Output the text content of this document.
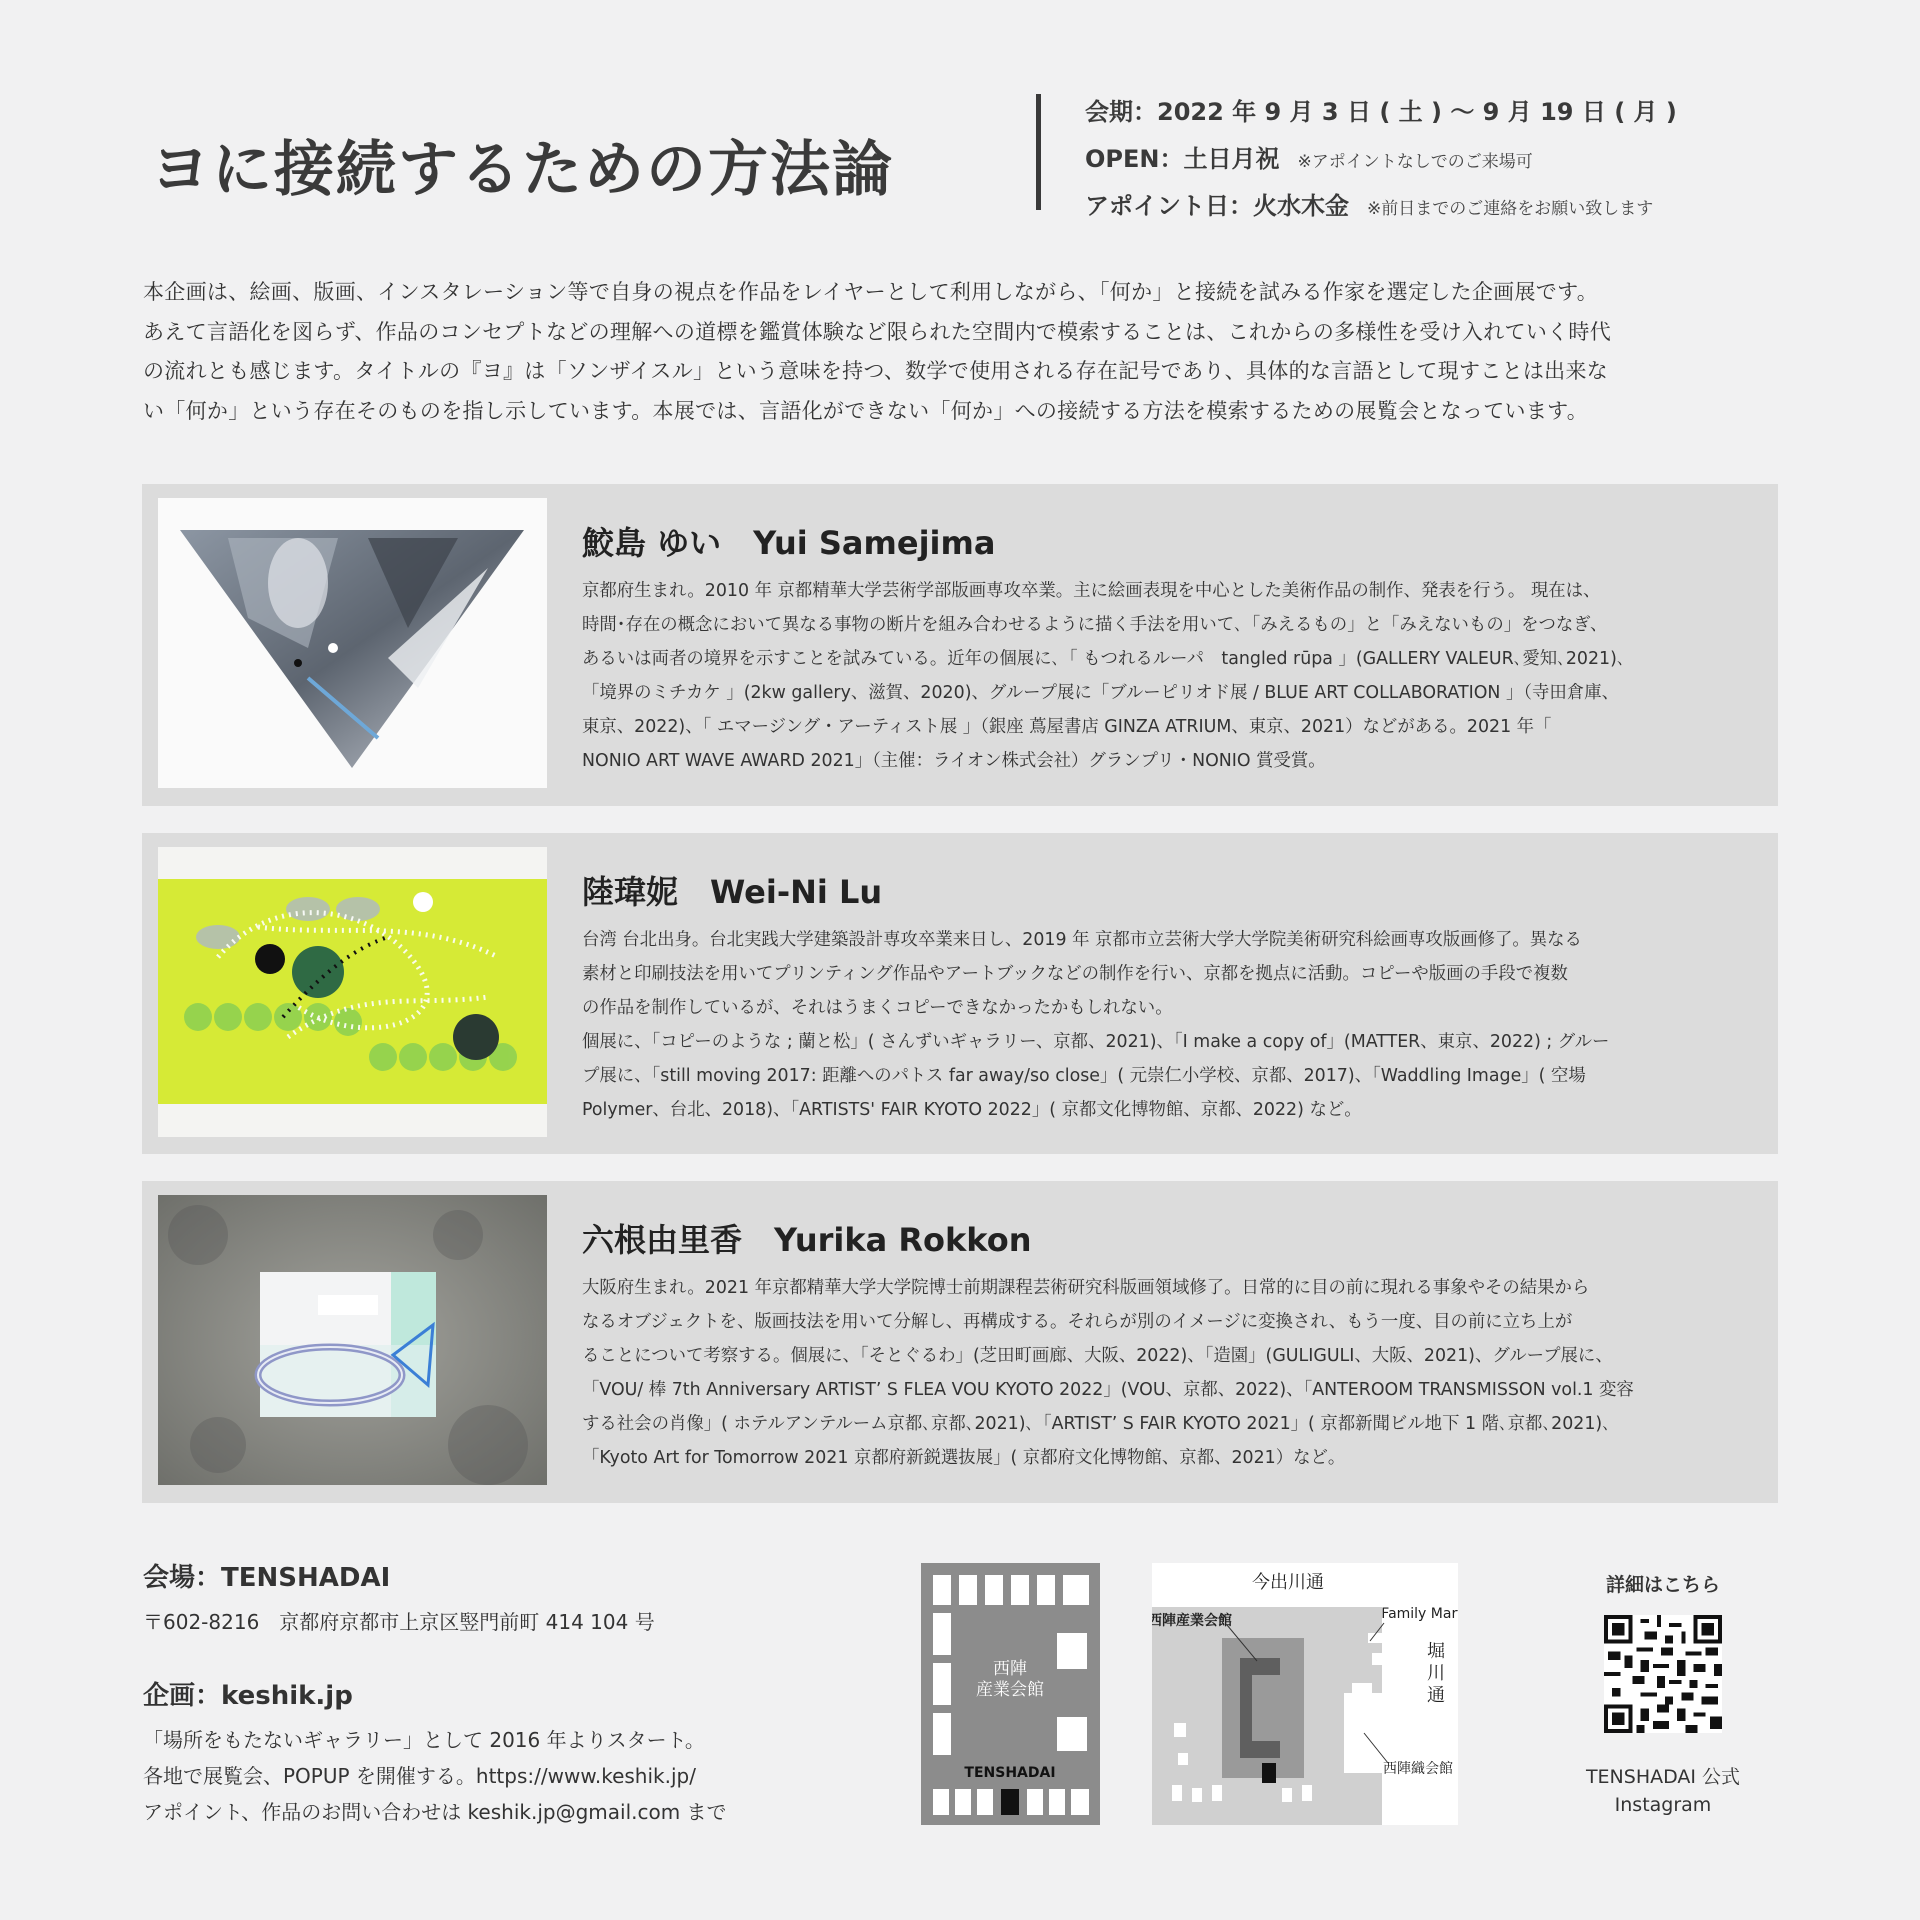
ヨに接続するための方法論
会期：2022 年 9 月 3 日 ( 土 ) 〜 9 月 19 日 ( 月 )
OPEN：土日月祝 ※アポイントなしでのご来場可
アポイント日：火水木金 ※前日までのご連絡をお願い致します

本企画は、絵画、版画、インスタレーション等で自身の視点を作品をレイヤーとして利用しながら、「何か」と接続を試みる作家を選定した企画展です。

あえて言語化を図らず、作品のコンセプトなどの理解への道標を鑑賞体験など限られた空間内で模索することは、これからの多様性を受け入れていく時代

の流れとも感じます。タイトルの『ヨ』は「ソンザイスル」という意味を持つ、数学で使用される存在記号であり、具体的な言語として現すことは出来な

い「何か」という存在そのものを指し示しています。本展では、言語化ができない「何か」への接続する方法を模索するための展覧会となっています。

鮫島 ゆい　Yui Samejima

京都府生まれ。2010 年 京都精華大学芸術学部版画専攻卒業。主に絵画表現を中心とした美術作品の制作、発表を行う。 現在は、

時間･存在の概念において異なる事物の断片を組み合わせるように描く手法を用いて､「みえるもの」と「みえないもの」をつなぎ、

あるいは両者の境界を示すことを試みている。近年の個展に､「 もつれるルーパ　tangled rūpa 」(GALLERY VALEUR､愛知､2021)､

「境界のミチカケ 」(2kw gallery、滋賀、2020)、グループ展に「ブルーピリオド展 / BLUE ART COLLABORATION 」（寺田倉庫、

東京、2022)、「 エマージング・アーティスト展 」（銀座 蔦屋書店 GINZA ATRIUM、東京、2021）などがある。2021 年「

NONIO ART WAVE AWARD 2021」（主催：ライオン株式会社）グランプリ・NONIO 賞受賞。

陸瑋妮　Wei-Ni Lu

台湾 台北出身。台北実践大学建築設計専攻卒業来日し、2019 年 京都市立芸術大学大学院美術研究科絵画専攻版画修了。異なる

素材と印刷技法を用いてプリンティング作品やアートブックなどの制作を行い、京都を拠点に活動。コピーや版画の手段で複数

の作品を制作しているが、それはうまくコピーできなかったかもしれない。

個展に、「コピーのような ; 蘭と松」( さんずいギャラリー、京都、2021)、「I make a copy of」(MATTER、東京、2022) ; グルー

プ展に、「still moving 2017: 距離へのパトス far away/so close」( 元崇仁小学校、京都、2017)、「Waddling Image」( 空場

Polymer、台北、2018)、「ARTISTS' FAIR KYOTO 2022」( 京都文化博物館、京都、2022) など。

六根由里香　Yurika Rokkon

大阪府生まれ。2021 年京都精華大学大学院博士前期課程芸術研究科版画領域修了。日常的に目の前に現れる事象やその結果から

なるオブジェクトを、版画技法を用いて分解し、再構成する。それらが別のイメージに変換され、もう一度、目の前に立ち上が

ることについて考察する。個展に、「そとぐるわ」(芝田町画廊、大阪、2022)、「造園」(GULIGULI、大阪、2021)、グループ展に、

「VOU/ 棒 7th Anniversary ARTIST’ S FLEA VOU KYOTO 2022」(VOU、京都、2022)、「ANTEROOM TRANSMISSON vol.1 変容

する社会の肖像」( ホテルアンテルーム京都､京都､2021)､「ARTIST’ S FAIR KYOTO 2021」( 京都新聞ビル地下 1 階､京都､2021)､

「Kyoto Art for Tomorrow 2021 京都府新鋭選抜展」( 京都府文化博物館、京都、2021）など。

会場：TENSHADAI
〒602-8216　京都府京都市上京区竪門前町 414 104 号
企画：keshik.jp
「場所をもたないギャラリー」として 2016 年よりスタート。
各地で展覧会、POPUP を開催する。https://www.keshik.jp/
アポイント、作品のお問い合わせは keshik.jp@gmail.com まで
西陣
産業会館
TENSHADAI
今出川通
西陣産業会館	Family Mart
堀
川
通
西陣織会館
詳細はこちら
TENSHADAI 公式
Instagram
